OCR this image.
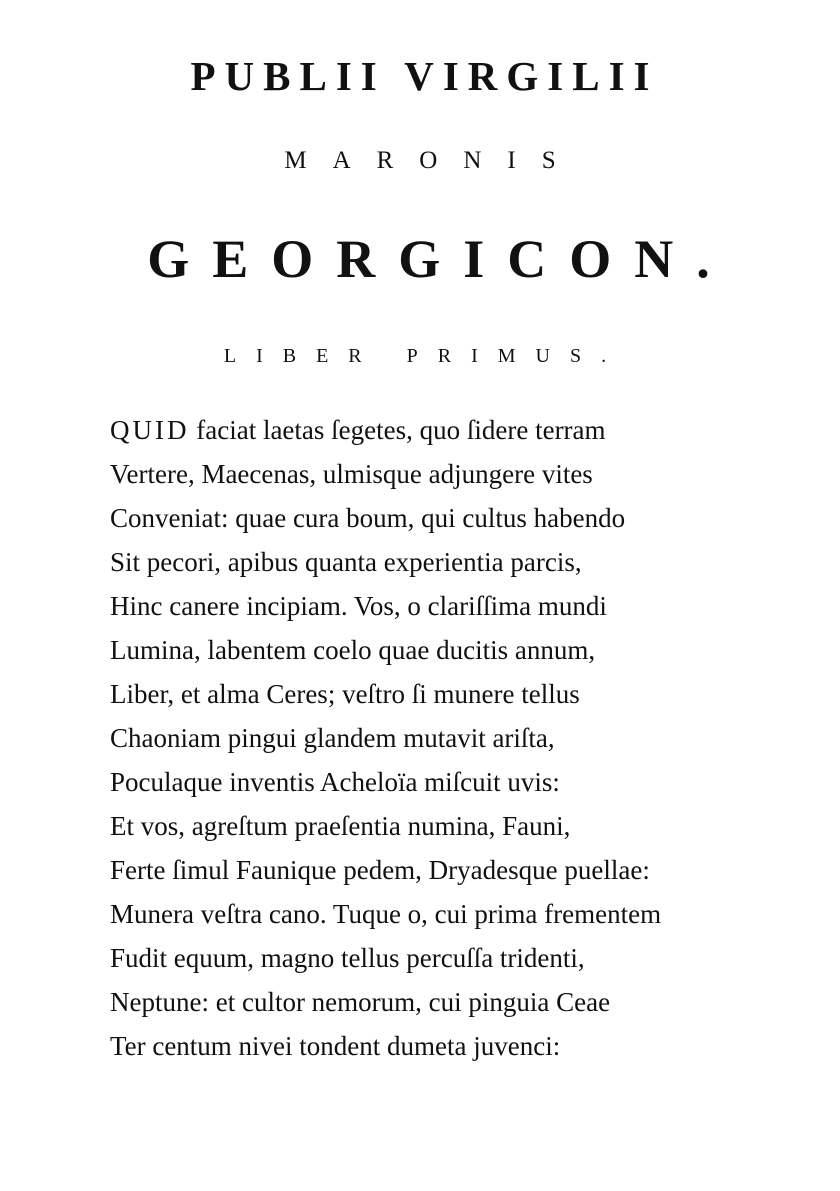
PUBLII VIRGILII
MARONIS
GEORGICON.
LIBER PRIMUS.
QUID faciat laetas ſegetes, quo ſidere terram
Vertere, Maecenas, ulmisque adjungere vites
Conveniat: quae cura boum, qui cultus habendo
Sit pecori, apibus quanta experientia parcis,
Hinc canere incipiam. Vos, o clariſſima mundi
Lumina, labentem coelo quae ducitis annum,
Liber, et alma Ceres; veſtro ſi munere tellus
Chaoniam pingui glandem mutavit ariſta,
Poculaque inventis Acheloïa miſcuit uvis:
Et vos, agreſtum praeſentia numina, Fauni,
Ferte ſimul Faunique pedem, Dryadesque puellae:
Munera veſtra cano. Tuque o, cui prima frementem
Fudit equum, magno tellus percuſſa tridenti,
Neptune: et cultor nemorum, cui pinguia Ceae
Ter centum nivei tondent dumeta juvenci:
